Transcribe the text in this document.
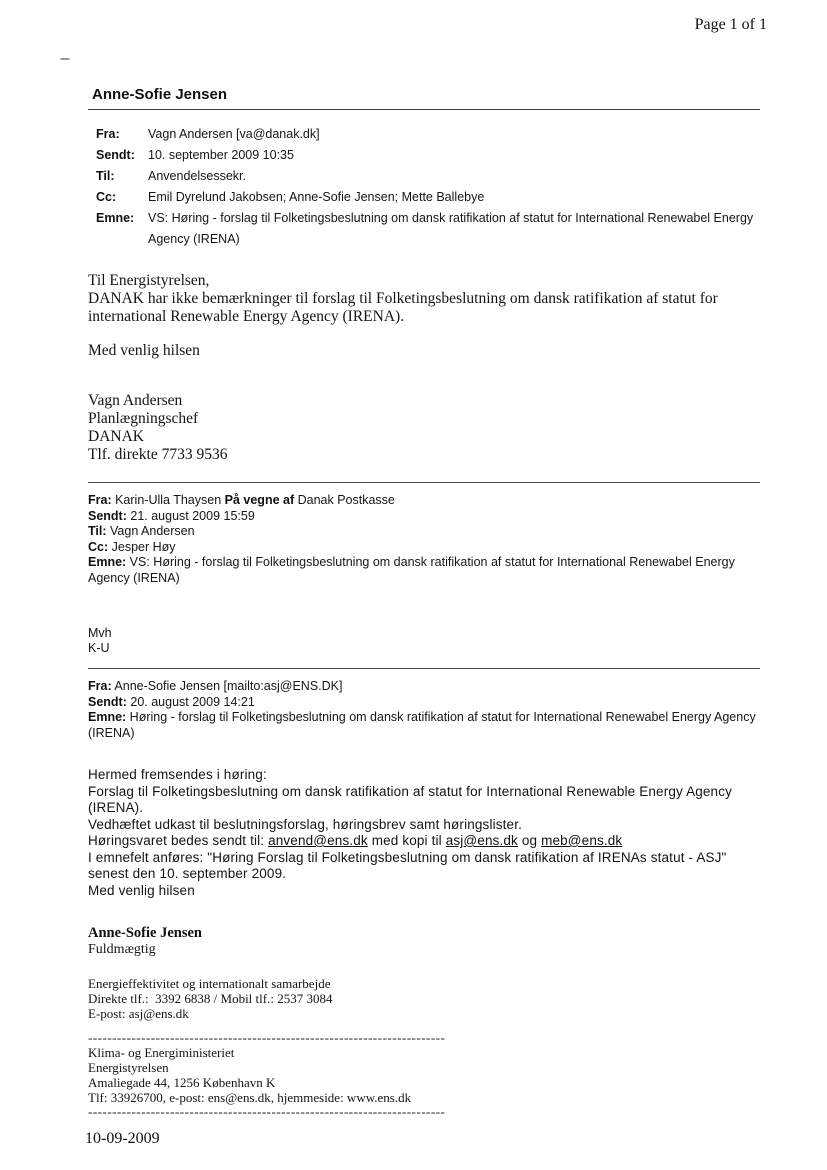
Page 1 of 1
Anne-Sofie Jensen
Fra:	Vagn Andersen [va@danak.dk]
Sendt:	10. september 2009 10:35
Til:	Anvendelsessekr.
Cc:	Emil Dyrelund Jakobsen; Anne-Sofie Jensen; Mette Ballebye
Emne:	VS: Høring - forslag til Folketingsbeslutning om dansk ratifikation af statut for International Renewabel Energy Agency (IRENA)
Til Energistyrelsen,
DANAK har ikke bemærkninger til forslag til Folketingsbeslutning om dansk ratifikation af statut for international Renewable Energy Agency (IRENA).
Med venlig hilsen
Vagn Andersen
Planlægningschef
DANAK
Tlf. direkte 7733 9536
Fra: Karin-Ulla Thaysen På vegne af Danak Postkasse
Sendt: 21. august 2009 15:59
Til: Vagn Andersen
Cc: Jesper Høy
Emne: VS: Høring - forslag til Folketingsbeslutning om dansk ratifikation af statut for International Renewabel Energy Agency (IRENA)
Mvh
K-U
Fra: Anne-Sofie Jensen [mailto:asj@ENS.DK]
Sendt: 20. august 2009 14:21
Emne: Høring - forslag til Folketingsbeslutning om dansk ratifikation af statut for International Renewabel Energy Agency (IRENA)
Hermed fremsendes i høring:
Forslag til Folketingsbeslutning om dansk ratifikation af statut for International Renewable Energy Agency (IRENA).
Vedhæftet udkast til beslutningsforslag, høringsbrev samt høringslister.
Høringsvaret bedes sendt til: anvend@ens.dk med kopi til asj@ens.dk og meb@ens.dk
I emnefelt anføres: "Høring Forslag til Folketingsbeslutning om dansk ratifikation af IRENAs statut - ASJ" senest den 10. september 2009.
Med venlig hilsen
Anne-Sofie Jensen
Fuldmægtig
Energieffektivitet og internationalt samarbejde
Direkte tlf.:  3392 6838 / Mobil tlf.: 2537 3084
E-post: asj@ens.dk
--------------------------------------------------------------------------
Klima- og Energiministeriet
Energistyrelsen
Amaliegade 44, 1256 København K
Tlf: 33926700, e-post: ens@ens.dk, hjemmeside: www.ens.dk
--------------------------------------------------------------------------
10-09-2009
